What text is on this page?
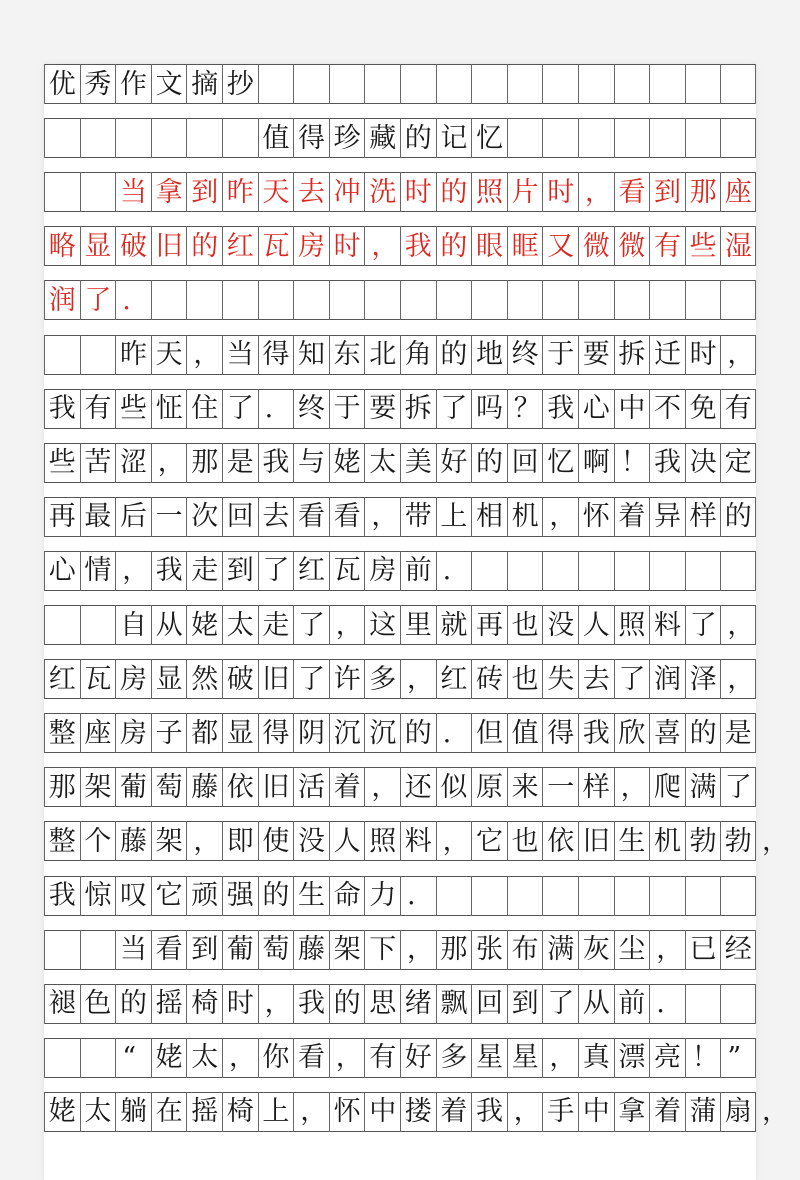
优 秀 作 文 摘 抄
值 得 珍 藏 的 记 忆
当 拿 到 昨 天 去 冲 洗 时 的 照 片 时 ， 看 到 那 座
略 显 破 旧 的 红 瓦 房 时 ， 我 的 眼 眶 又 微 微 有 些 湿
润 了 .
昨 天 ， 当 得 知 东 北 角 的 地 终 于 要 拆 迁 时 ，
我 有 些 怔 住 了 . 终 于 要 拆 了 吗 ？ 我 心 中 不 免 有
些 苦 涩 ， 那 是 我 与 姥 太 美 好 的 回 忆 啊 ！ 我 决 定
再 最 后 一 次 回 去 看 看 ， 带 上 相 机 ， 怀 着 异 样 的
心 情 ， 我 走 到 了 红 瓦 房 前 .
自 从 姥 太 走 了 ， 这 里 就 再 也 没 人 照 料 了 ，
红 瓦 房 显 然 破 旧 了 许 多 ， 红 砖 也 失 去 了 润 泽 ，
整 座 房 子 都 显 得 阴 沉 沉 的 . 但 值 得 我 欣 喜 的 是
那 架 葡 萄 藤 依 旧 活 着 ， 还 似 原 来 一 样 ， 爬 满 了
整 个 藤 架 ， 即 使 没 人 照 料 ， 它 也 依 旧 生 机 勃 勃 ，
我 惊 叹 它 顽 强 的 生 命 力 .
当 看 到 葡 萄 藤 架 下 ， 那 张 布 满 灰 尘 ， 已 经
褪 色 的 摇 椅 时 ， 我 的 思 绪 飘 回 到 了 从 前 .
“ 姥 太 ， 你 看 ， 有 好 多 星 星 ， 真 漂 亮 ！ ”
姥 太 躺 在 摇 椅 上 ， 怀 中 搂 着 我 ， 手 中 拿 着 蒲 扇 ，
